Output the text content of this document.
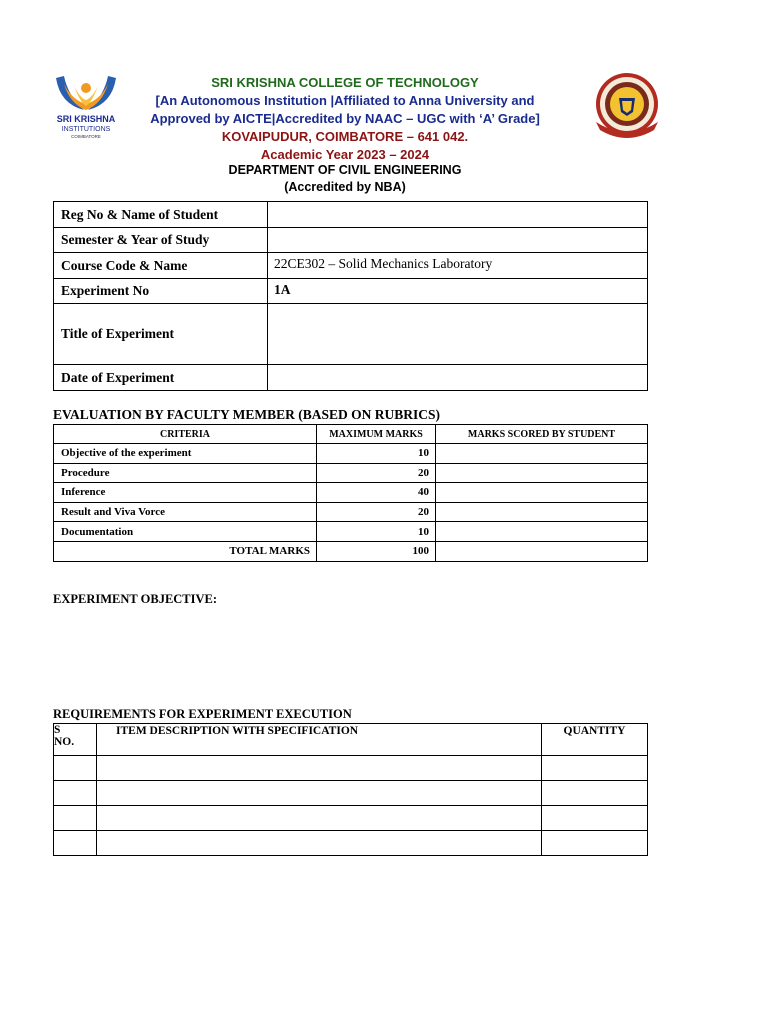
SRI KRISHNA
INSTITUTIONS
COIMBATORE
SRI KRISHNA COLLEGE OF TECHNOLOGY
[An Autonomous Institution |Affiliated to Anna University and
Approved by AICTE|Accredited by NAAC – UGC with ‘A’ Grade]
KOVAIPUDUR, COIMBATORE – 641 042.
Academic Year 2023 – 2024
DEPARTMENT OF CIVIL ENGINEERING
(Accredited by NBA)
Reg No & Name of Student	
Semester & Year of Study	
Course Code & Name	22CE302 – Solid Mechanics Laboratory
Experiment No	1A
Title of Experiment	
Date of Experiment	
EVALUATION BY FACULTY MEMBER (BASED ON RUBRICS)
CRITERIA	MAXIMUM MARKS	MARKS SCORED BY STUDENT
Objective of the experiment	10	
Procedure	20	
Inference	40	
Result and Viva Vorce	20	
Documentation	10	
TOTAL MARKS	100	
EXPERIMENT OBJECTIVE:
REQUIREMENTS FOR EXPERIMENT EXECUTION
S
NO.	ITEM DESCRIPTION WITH SPECIFICATION	QUANTITY
